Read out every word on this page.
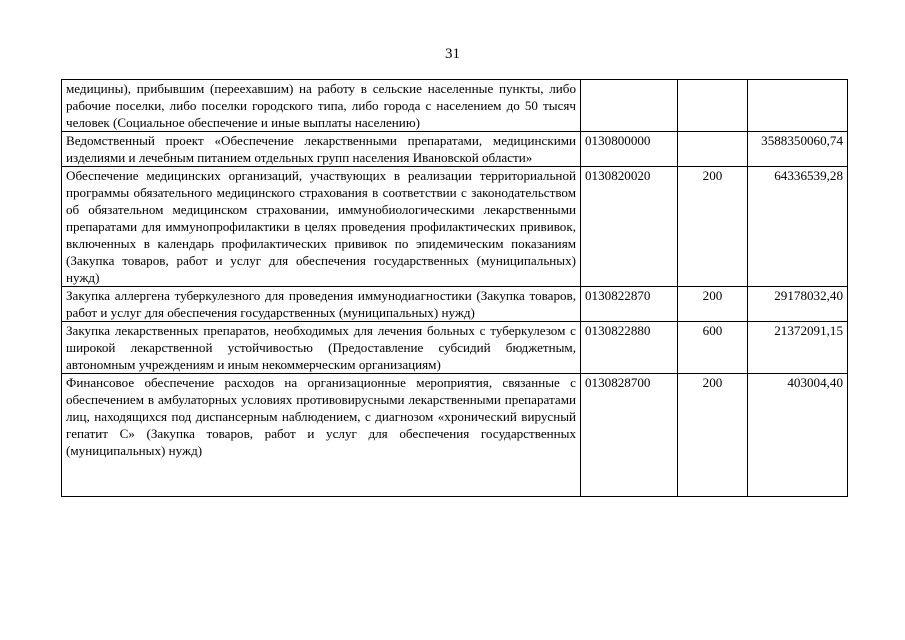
31
медицины), прибывшим (переехавшим) на работу в сельские населенные пункты, либо рабочие поселки, либо поселки городского типа, либо города с населением до 50 тысяч человек (Социальное обеспечение и иные выплаты населению)			
Ведомственный проект «Обеспечение лекарственными препаратами, медицинскими изделиями и лечебным питанием отдельных групп населения Ивановской области»	0130800000		3588350060,74
Обеспечение медицинских организаций, участвующих в реализации территориальной программы обязательного медицинского страхования в соответствии с законодательством об обязательном медицинском страховании, иммунобиологическими лекарственными препаратами для иммунопрофилактики в целях проведения профилактических прививок, включенных в календарь профилактических прививок по эпидемическим показаниям (Закупка товаров, работ и услуг для обеспечения государственных (муниципальных) нужд)	0130820020	200	64336539,28
Закупка аллергена туберкулезного для проведения иммунодиагностики (Закупка товаров, работ и услуг для обеспечения государственных (муниципальных) нужд)	0130822870	200	29178032,40
Закупка лекарственных препаратов, необходимых для лечения больных с туберкулезом с широкой лекарственной устойчивостью (Предоставление субсидий бюджетным, автономным учреждениям и иным некоммерческим организациям)	0130822880	600	21372091,15
Финансовое обеспечение расходов на организационные мероприятия, связанные с обеспечением в амбулаторных условиях противовирусными лекарственными препаратами лиц, находящихся под диспансерным наблюдением, с диагнозом «хронический вирусный гепатит С» (Закупка товаров, работ и услуг для обеспечения государственных (муниципальных) нужд)	0130828700	200	403004,40
